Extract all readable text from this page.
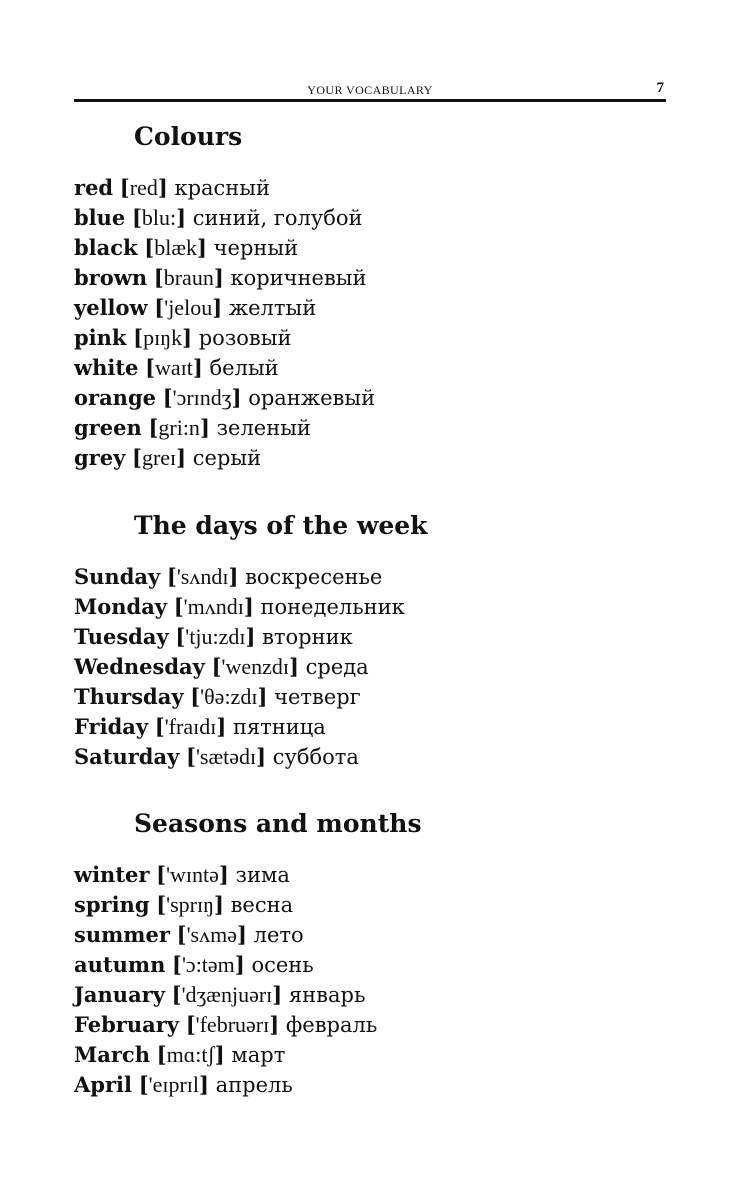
YOUR VOCABULARY	7
Colours
red [red] красный
blue [blu:] синий, голубой
black [blæk] черный
brown [braun] коричневый
yellow ['jelou] желтый
pink [pɪŋk] розовый
white [waɪt] белый
orange ['ɔrɪndʒ] оранжевый
green [gri:n] зеленый
grey [greɪ] серый
The days of the week
Sunday ['sʌndɪ] воскресенье
Monday ['mʌndɪ] понедельник
Tuesday ['tju:zdɪ] вторник
Wednesday ['wenzdɪ] среда
Thursday ['θə:zdɪ] четверг
Friday ['fraɪdɪ] пятница
Saturday ['sætədɪ] суббота
Seasons and months
winter ['wɪntə] зима
spring ['sprɪŋ] весна
summer ['sʌmə] лето
autumn ['ɔ:təm] осень
January ['dʒænjuərɪ] январь
February ['februərɪ] февраль
March [mɑ:tʃ] март
April ['eɪprɪl] апрель
